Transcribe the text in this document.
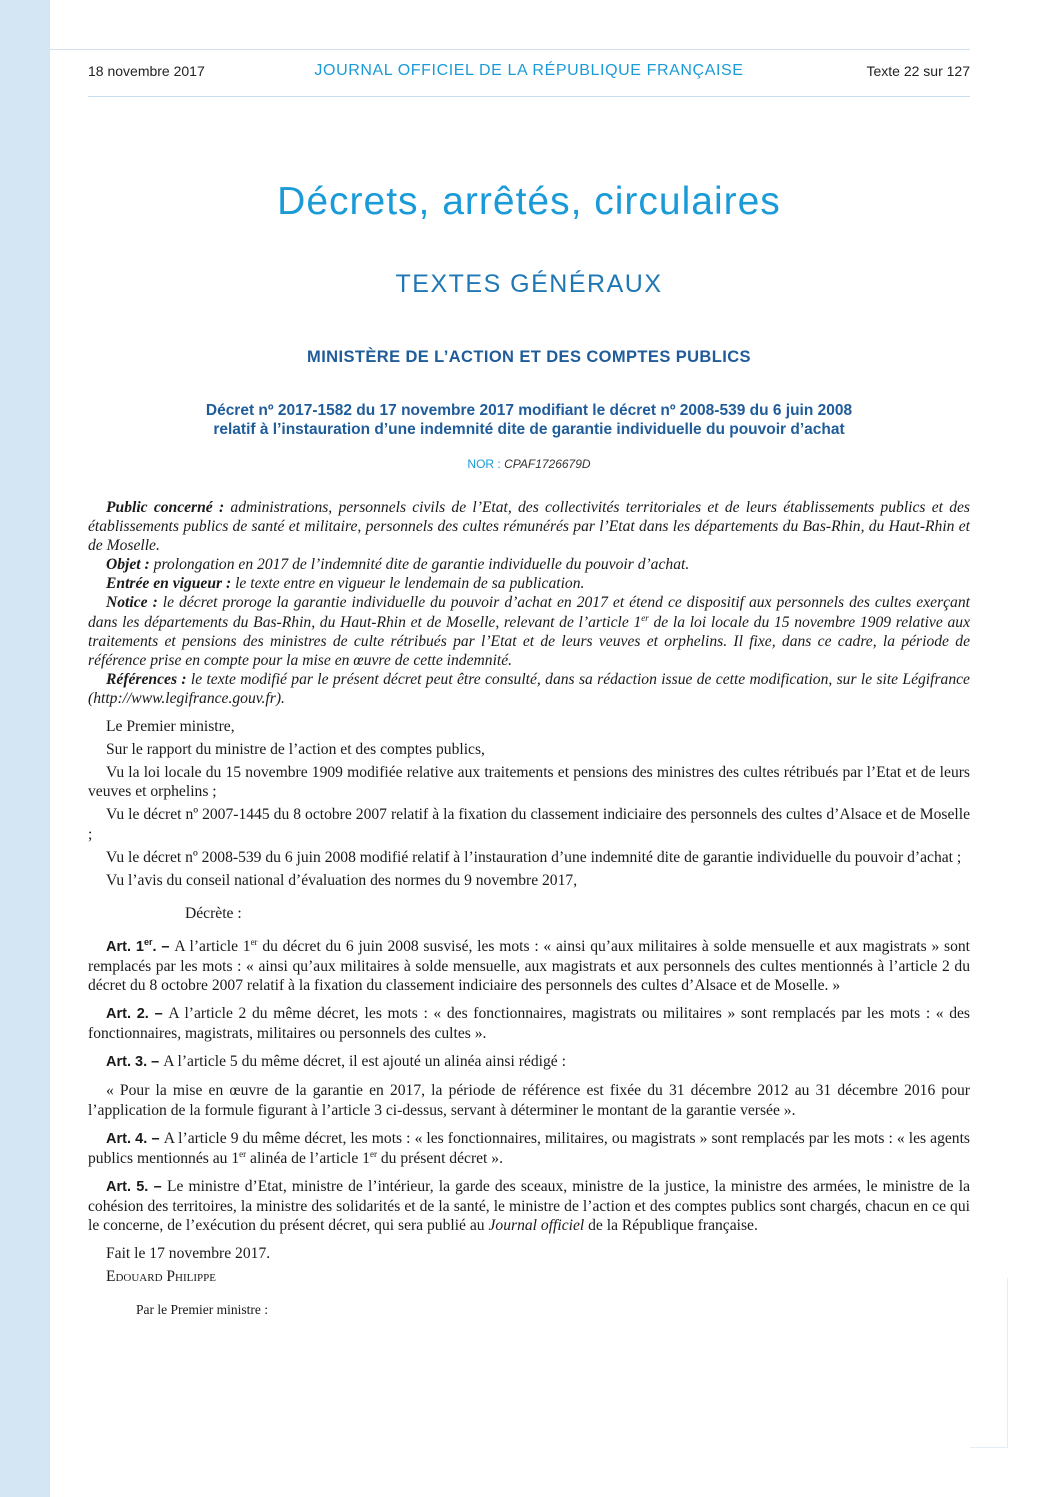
18 novembre 2017	JOURNAL OFFICIEL DE LA RÉPUBLIQUE FRANÇAISE	Texte 22 sur 127
Décrets, arrêtés, circulaires
TEXTES GÉNÉRAUX
MINISTÈRE DE L’ACTION ET DES COMPTES PUBLICS
Décret nº 2017-1582 du 17 novembre 2017 modifiant le décret nº 2008-539 du 6 juin 2008
relatif à l’instauration d’une indemnité dite de garantie individuelle du pouvoir d’achat
NOR : CPAF1726679D

Public concerné : administrations, personnels civils de l’Etat, des collectivités territoriales et de leurs établissements publics et des établissements publics de santé et militaire, personnels des cultes rémunérés par l’Etat dans les départements du Bas-Rhin, du Haut-Rhin et de Moselle.

Objet : prolongation en 2017 de l’indemnité dite de garantie individuelle du pouvoir d’achat.

Entrée en vigueur : le texte entre en vigueur le lendemain de sa publication.

Notice : le décret proroge la garantie individuelle du pouvoir d’achat en 2017 et étend ce dispositif aux personnels des cultes exerçant dans les départements du Bas-Rhin, du Haut-Rhin et de Moselle, relevant de l’article 1er de la loi locale du 15 novembre 1909 relative aux traitements et pensions des ministres de culte rétribués par l’Etat et de leurs veuves et orphelins. Il fixe, dans ce cadre, la période de référence prise en compte pour la mise en œuvre de cette indemnité.

Références : le texte modifié par le présent décret peut être consulté, dans sa rédaction issue de cette modification, sur le site Légifrance (http://www.legifrance.gouv.fr).

Le Premier ministre,

Sur le rapport du ministre de l’action et des comptes publics,

Vu la loi locale du 15 novembre 1909 modifiée relative aux traitements et pensions des ministres des cultes rétribués par l’Etat et de leurs veuves et orphelins ;

Vu le décret nº 2007-1445 du 8 octobre 2007 relatif à la fixation du classement indiciaire des personnels des cultes d’Alsace et de Moselle ;

Vu le décret nº 2008-539 du 6 juin 2008 modifié relatif à l’instauration d’une indemnité dite de garantie individuelle du pouvoir d’achat ;

Vu l’avis du conseil national d’évaluation des normes du 9 novembre 2017,

Décrète :

Art. 1er. – A l’article 1er du décret du 6 juin 2008 susvisé, les mots : « ainsi qu’aux militaires à solde mensuelle et aux magistrats » sont remplacés par les mots : « ainsi qu’aux militaires à solde mensuelle, aux magistrats et aux personnels des cultes mentionnés à l’article 2 du décret du 8 octobre 2007 relatif à la fixation du classement indiciaire des personnels des cultes d’Alsace et de Moselle. »

Art. 2. – A l’article 2 du même décret, les mots : « des fonctionnaires, magistrats ou militaires » sont remplacés par les mots : « des fonctionnaires, magistrats, militaires ou personnels des cultes ».

Art. 3. – A l’article 5 du même décret, il est ajouté un alinéa ainsi rédigé :

« Pour la mise en œuvre de la garantie en 2017, la période de référence est fixée du 31 décembre 2012 au 31 décembre 2016 pour l’application de la formule figurant à l’article 3 ci-dessus, servant à déterminer le montant de la garantie versée ».

Art. 4. – A l’article 9 du même décret, les mots : « les fonctionnaires, militaires, ou magistrats » sont remplacés par les mots : « les agents publics mentionnés au 1er alinéa de l’article 1er du présent décret ».

Art. 5. – Le ministre d’Etat, ministre de l’intérieur, la garde des sceaux, ministre de la justice, la ministre des armées, le ministre de la cohésion des territoires, la ministre des solidarités et de la santé, le ministre de l’action et des comptes publics sont chargés, chacun en ce qui le concerne, de l’exécution du présent décret, qui sera publié au Journal officiel de la République française.

Fait le 17 novembre 2017.

Edouard Philippe

Par le Premier ministre :
